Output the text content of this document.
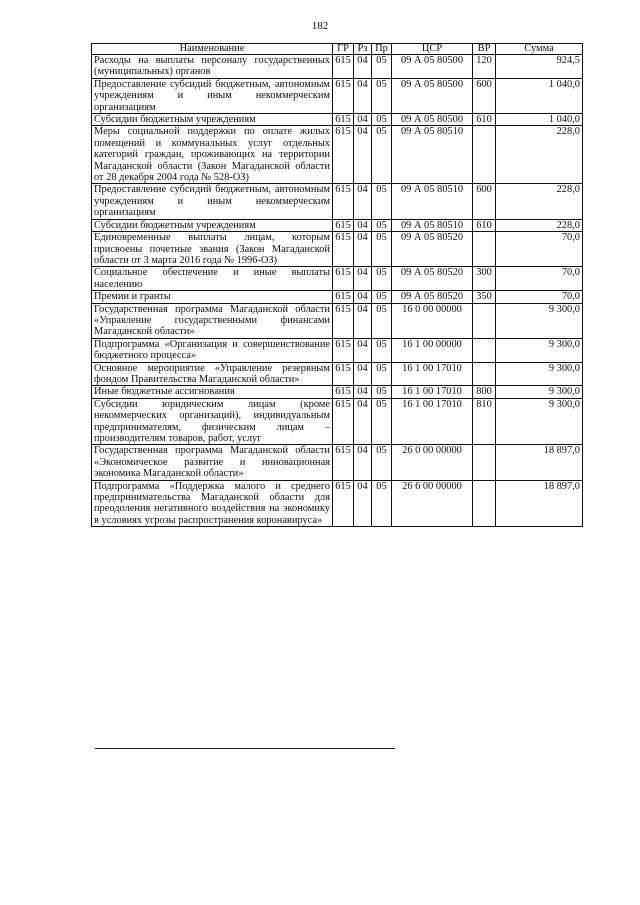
182
Наименование	ГР	Рз	Пр	ЦСР	ВР	Сумма
Расходы на выплаты персоналу государственных (муниципальных) органов	615	04	05	09 А 05 80500	120	924,5
Предоставление субсидий бюджетным, автономным учреждениям и иным некоммерческим организациям	615	04	05	09 А 05 80500	600	1 040,0
Субсидии бюджетным учреждениям	615	04	05	09 А 05 80500	610	1 040,0
Меры социальной поддержки по оплате жилых помещений и коммунальных услуг отдельных категорий граждан, проживающих на территории Магаданской области (Закон Магаданской области от 28 декабря 2004 года № 528-ОЗ)	615	04	05	09 А 05 80510		228,0
Предоставление субсидий бюджетным, автономным учреждениям и иным некоммерческим организациям	615	04	05	09 А 05 80510	600	228,0
Субсидии бюджетным учреждениям	615	04	05	09 А 05 80510	610	228,0
Единовременные выплаты лицам, которым присвоены почетные звания (Закон Магаданской области от 3 марта 2016 года № 1996-ОЗ)	615	04	05	09 А 05 80520		70,0
Социальное обеспечение и иные выплаты населению	615	04	05	09 А 05 80520	300	70,0
Премии и гранты	615	04	05	09 А 05 80520	350	70,0
Государственная программа Магаданской области «Управление государственными финансами Магаданской области»	615	04	05	16 0 00 00000		9 300,0
Подпрограмма «Организация и совершенствование бюджетного процесса»	615	04	05	16 1 00 00000		9 300,0
Основное мероприятие «Управление резервным фондом Правительства Магаданской области»	615	04	05	16 1 00 17010		9 300,0
Иные бюджетные ассигнования	615	04	05	16 1 00 17010	800	9 300,0
Субсидии юридическим лицам (кроме некоммерческих организаций), индивидуальным предпринимателям, физическим лицам – производителям товаров, работ, услуг	615	04	05	16 1 00 17010	810	9 300,0
Государственная программа Магаданской области «Экономическое развитие и инновационная экономика Магаданской области»	615	04	05	26 0 00 00000		18 897,0
Подпрограмма «Поддержка малого и среднего предпринимательства Магаданской области для преодоления негативного воздействия на экономику в условиях угрозы распространения коронавируса»	615	04	05	26 6 00 00000		18 897,0
